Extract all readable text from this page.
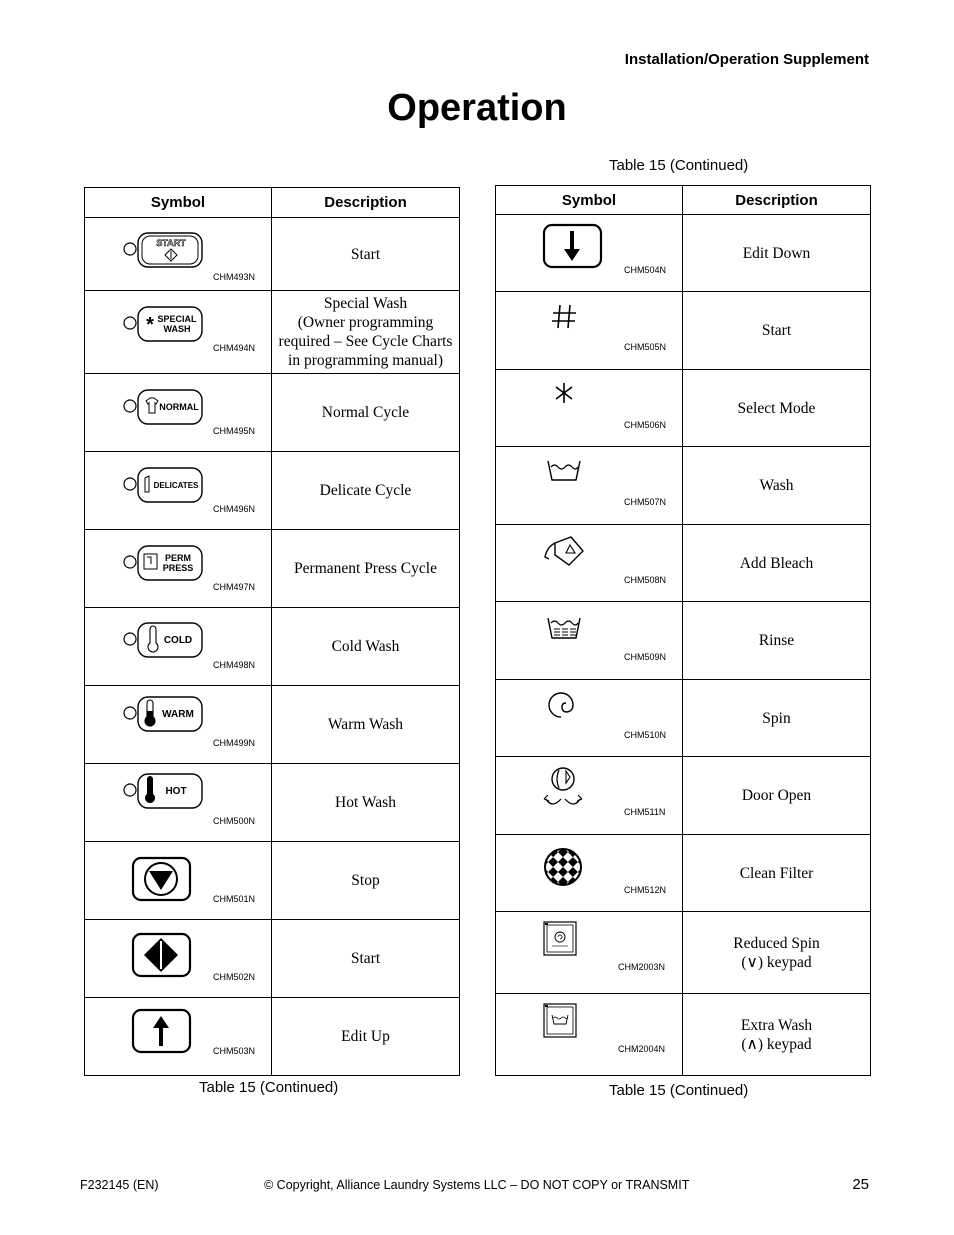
Installation/Operation Supplement
Operation
Table 15 (Continued)
Symbol	Description

START
CHM493N	Start

* SPECIAL
WASH
CHM494N	Special Wash
(Owner programming
required – See Cycle Charts
in programming manual)

NORMAL
CHM495N	Normal Cycle

DELICATES
CHM496N	Delicate Cycle

PERM
PRESS
CHM497N	Permanent Press Cycle

COLD
CHM498N	Cold Wash

WARM
CHM499N	Warm Wash

HOT
CHM500N	Hot Wash

CHM501N	Stop

CHM502N	Start

CHM503N	Edit Up
Table 15 (Continued)
Symbol	Description

CHM504N	Edit Down

CHM505N	Start

CHM506N	Select Mode

CHM507N	Wash

CHM508N	Add Bleach

CHM509N	Rinse

CHM510N	Spin

CHM511N	Door Open

CHM512N	Clean Filter

CHM2003N	Reduced Spin
(∨) keypad

CHM2004N	Extra Wash
(∧) keypad
Table 15 (Continued)
F232145 (EN)	© Copyright, Alliance Laundry Systems LLC – DO NOT COPY or TRANSMIT	25
